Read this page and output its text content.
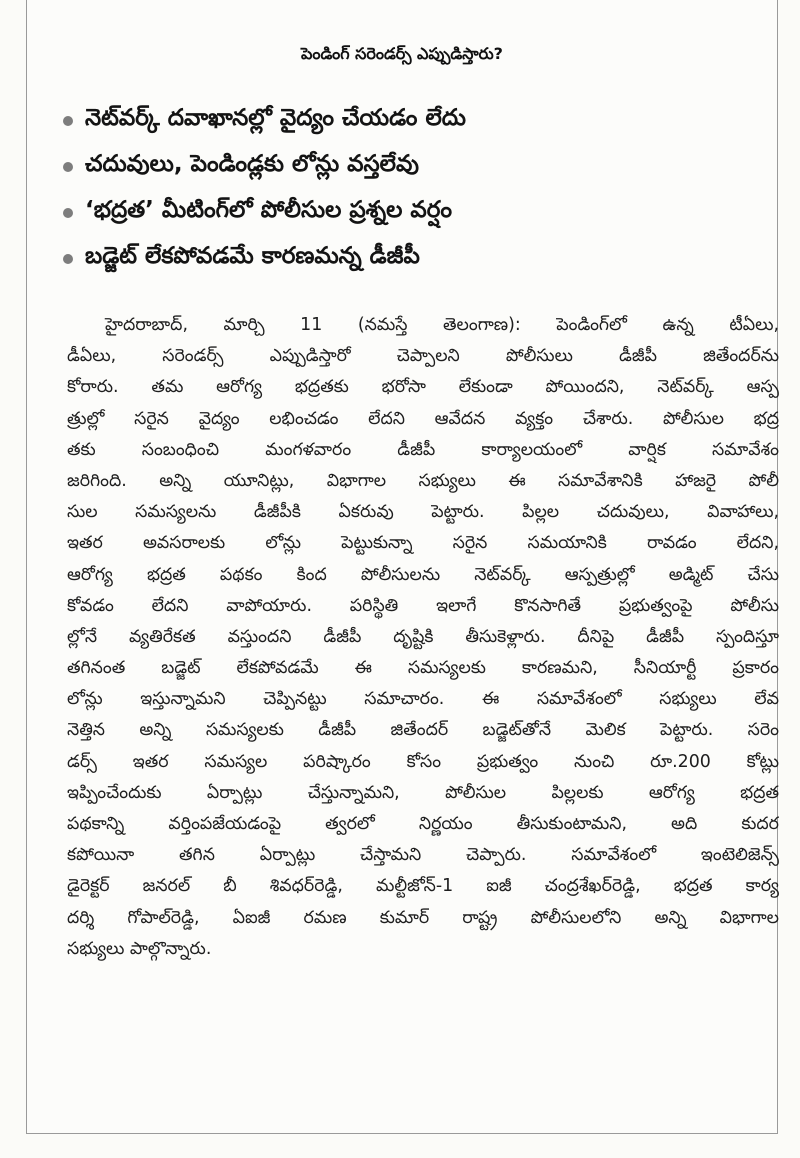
పెండింగ్ సరెండర్స్ ఎప్పుడిస్తారు?
నెట్‌వర్క్ దవాఖానల్లో వైద్యం చేయడం లేదు
చదువులు, పెండిండ్లకు లోన్లు వస్తలేవు
‘భద్రత’ మీటింగ్‌లో పోలీసుల ప్రశ్నల వర్షం
బడ్జెట్ లేకపోవడమే కారణమన్న డీజీపీ
హైదరాబాద్, మార్చి 11 (నమస్తే తెలంగాణ): పెండింగ్‌లో ఉన్న టీఏలు,
డీఏలు, సరెండర్స్ ఎప్పుడిస్తారో చెప్పాలని పోలీసులు డీజీపీ జితేందర్‌ను
కోరారు. తమ ఆరోగ్య భద్రతకు భరోసా లేకుండా పోయిందని, నెట్‌వర్క్ ఆస్ప
త్రుల్లో సరైన వైద్యం లభించడం లేదని ఆవేదన వ్యక్తం చేశారు. పోలీసుల భద్ర
తకు సంబంధించి మంగళవారం డీజీపీ కార్యాలయంలో వార్షిక సమావేశం
జరిగింది. అన్ని యూనిట్లు, విభాగాల సభ్యులు ఈ సమావేశానికి హాజరై పోలీ
సుల సమస్యలను డీజీపీకి ఏకరువు పెట్టారు. పిల్లల చదువులు, వివాహాలు,
ఇతర అవసరాలకు లోన్లు పెట్టుకున్నా సరైన సమయానికి రావడం లేదని,
ఆరోగ్య భద్రత పథకం కింద పోలీసులను నెట్‌వర్క్ ఆస్పత్రుల్లో అడ్మిట్ చేసు
కోవడం లేదని వాపోయారు. పరిస్థితి ఇలాగే కొనసాగితే ప్రభుత్వంపై పోలీసు
ల్లోనే వ్యతిరేకత వస్తుందని డీజీపీ దృష్టికి తీసుకెళ్లారు. దీనిపై డీజీపీ స్పందిస్తూ
తగినంత బడ్జెట్ లేకపోవడమే ఈ సమస్యలకు కారణమని, సీనియార్టీ ప్రకారం
లోన్లు ఇస్తున్నామని చెప్పినట్టు సమాచారం. ఈ సమావేశంలో సభ్యులు లేవ
నెత్తిన అన్ని సమస్యలకు డీజీపీ జితేందర్ బడ్జెట్‌తోనే మెలిక పెట్టారు. సరెం
డర్స్ ఇతర సమస్యల పరిష్కారం కోసం ప్రభుత్వం నుంచి రూ.200 కోట్లు
ఇప్పించేందుకు ఏర్పాట్లు చేస్తున్నామని, పోలీసుల పిల్లలకు ఆరోగ్య భద్రత
పథకాన్ని వర్తింపజేయడంపై త్వరలో నిర్ణయం తీసుకుంటామని, అది కుదర
కపోయినా తగిన ఏర్పాట్లు చేస్తామని చెప్పారు. సమావేశంలో ఇంటెలిజెన్స్
డైరెక్టర్ జనరల్ బీ శివధర్‌రెడ్డి, మల్టీజోన్-1 ఐజీ చంద్రశేఖర్‌రెడ్డి, భద్రత కార్య
దర్శి గోపాల్‌రెడ్డి, ఏఐజీ రమణ కుమార్ రాష్ట్ర పోలీసులలోని అన్ని విభాగాల
సభ్యులు పాల్గొన్నారు.
